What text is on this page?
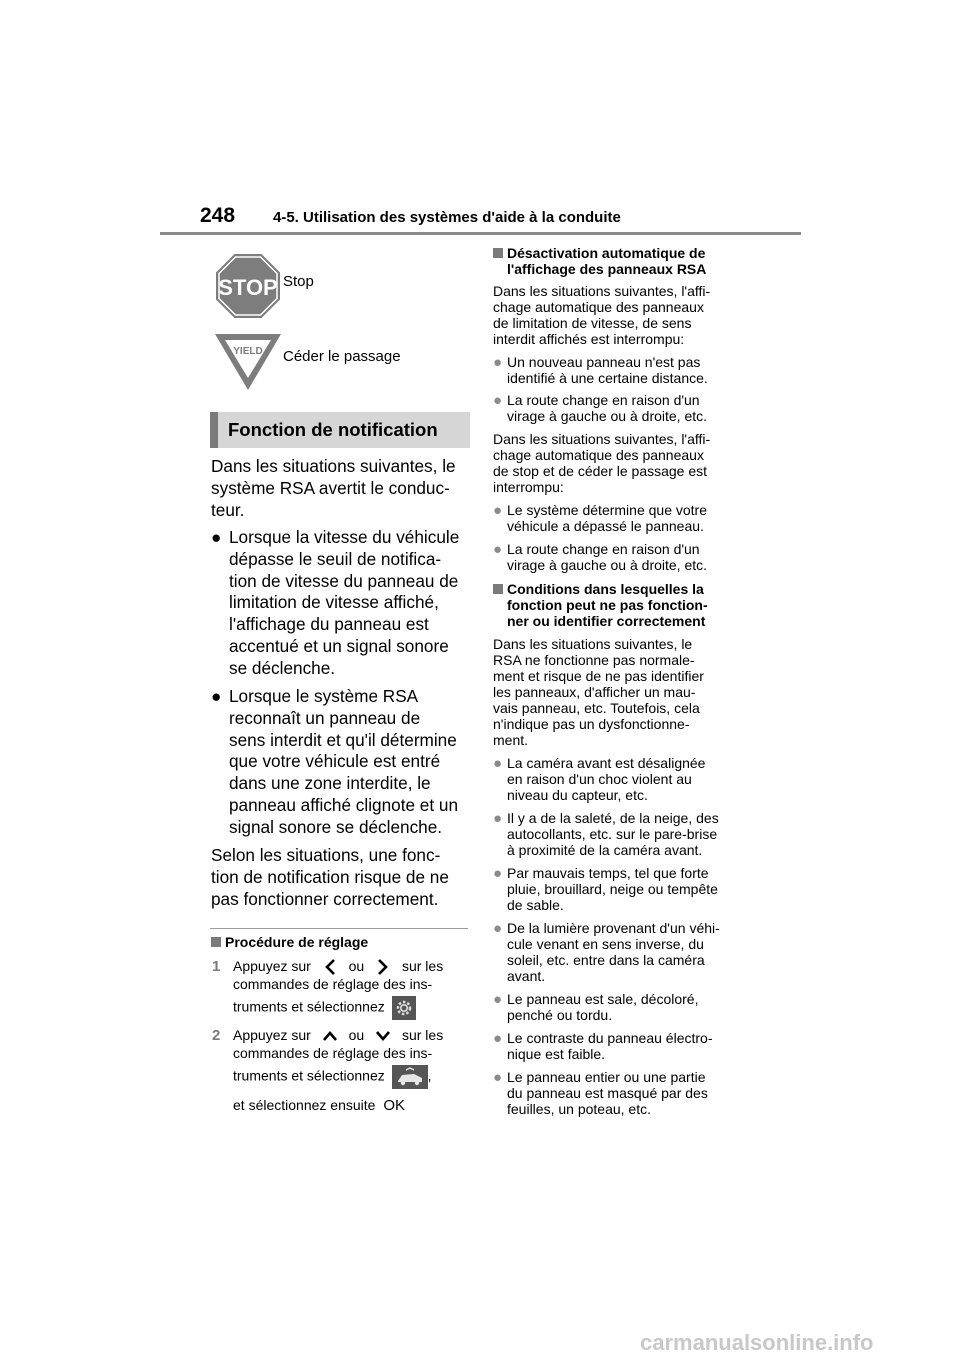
248	4-5. Utilisation des systèmes d'aide à la conduite
STOP Stop
YIELD Céder le passage
Fonction de notification
Dans les situations suivantes, le
système RSA avertit le conduc-
teur.
● Lorsque la vitesse du véhicule
dépasse le seuil de notifica-
tion de vitesse du panneau de
limitation de vitesse affiché,
l'affichage du panneau est
accentué et un signal sonore
se déclenche.
● Lorsque le système RSA
reconnaît un panneau de
sens interdit et qu'il détermine
que votre véhicule est entré
dans une zone interdite, le
panneau affiché clignote et un
signal sonore se déclenche.
Selon les situations, une fonc-
tion de notification risque de ne
pas fonctionner correctement.
Procédure de réglage
1 Appuyez sur	ou	sur les
commandes de réglage des ins-
truments et sélectionnez
2 Appuyez sur	ou	sur les
commandes de réglage des ins-
truments et sélectionnez	,
et sélectionnez ensuite OK
Désactivation automatique de
l'affichage des panneaux RSA
Dans les situations suivantes, l'affi-
chage automatique des panneaux
de limitation de vitesse, de sens
interdit affichés est interrompu:
● Un nouveau panneau n'est pas
identifié à une certaine distance.
● La route change en raison d'un
virage à gauche ou à droite, etc.
Dans les situations suivantes, l'affi-
chage automatique des panneaux
de stop et de céder le passage est
interrompu:
● Le système détermine que votre
véhicule a dépassé le panneau.
● La route change en raison d'un
virage à gauche ou à droite, etc.
Conditions dans lesquelles la
fonction peut ne pas fonction-
ner ou identifier correctement
Dans les situations suivantes, le
RSA ne fonctionne pas normale-
ment et risque de ne pas identifier
les panneaux, d'afficher un mau-
vais panneau, etc. Toutefois, cela
n'indique pas un dysfonctionne-
ment.
● La caméra avant est désalignée
en raison d'un choc violent au
niveau du capteur, etc.
● Il y a de la saleté, de la neige, des
autocollants, etc. sur le pare-brise
à proximité de la caméra avant.
● Par mauvais temps, tel que forte
pluie, brouillard, neige ou tempête
de sable.
● De la lumière provenant d'un véhi-
cule venant en sens inverse, du
soleil, etc. entre dans la caméra
avant.
● Le panneau est sale, décoloré,
penché ou tordu.
● Le contraste du panneau électro-
nique est faible.
● Le panneau entier ou une partie
du panneau est masqué par des
feuilles, un poteau, etc.
carmanualsonline.info
